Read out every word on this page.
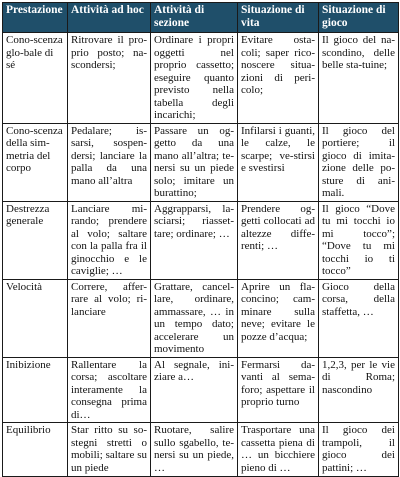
Prestazione	Attività ad hoc	Attività di sezione	Situazione di vita	Situazione di gioco
Cono-scenza glo-bale di sé	Ritrovare il pro-prio posto; na-scondersi;	Ordinare i propri oggetti nel proprio cassetto; eseguire quanto previsto nella tabella degli incarichi;	Evitare osta-coli; saper rico-noscere situa-zioni di peri-colo;	Il gioco del na-scondino, delle belle sta-tuine;
Cono-scenza della sim-metria del corpo	Pedalare; is-sarsi, sospen-dersi; lanciare la palla da una mano all’altra	Passare un og-getto da una mano all’altra; te-nersi su un piede solo; imitare un burattino;	Infilarsi i guanti, le calze, le scarpe; ve-stirsi e svestirsi	Il gioco del portiere; il gioco di imita-zione delle po-sture di ani-mali.
Destrezza generale	Lanciare mi-rando; prendere al volo; saltare con la palla fra il ginocchio e le caviglie; …	Aggrapparsi, la-sciarsi; riasset-tare; ordinare; …	Prendere og-getti collocati ad altezze diffe-renti; …	Il gioco “Dove tu mi tocchi io mi tocco”; “Dove tu mi tocchi io ti tocco”
Velocità	Correre, affer-rare al volo; ri-lanciare	Grattare, cancel-lare, ordinare, ammassare, … in un tempo dato; accelerare un movimento	Aprire un fla-concino; cam-minare sulla neve; evitare le pozze d’acqua;	Gioco della corsa, della staffetta, …
Inibizione	Rallentare la corsa; ascoltare interamente la consegna prima di…	Al segnale, ini-ziare a…	Fermarsi da-vanti al sema-foro; aspettare il proprio turno	1,2,3, per le vie di Roma; nascondino
Equilibrio	Star ritto su so-stegni stretti o mobili; saltare su un piede	Ruotare, salire sullo sgabello, te-nersi su un piede, …	Trasportare una cassetta piena di … un bicchiere pieno di …	Il gioco dei trampoli, il gioco dei pattini; …
